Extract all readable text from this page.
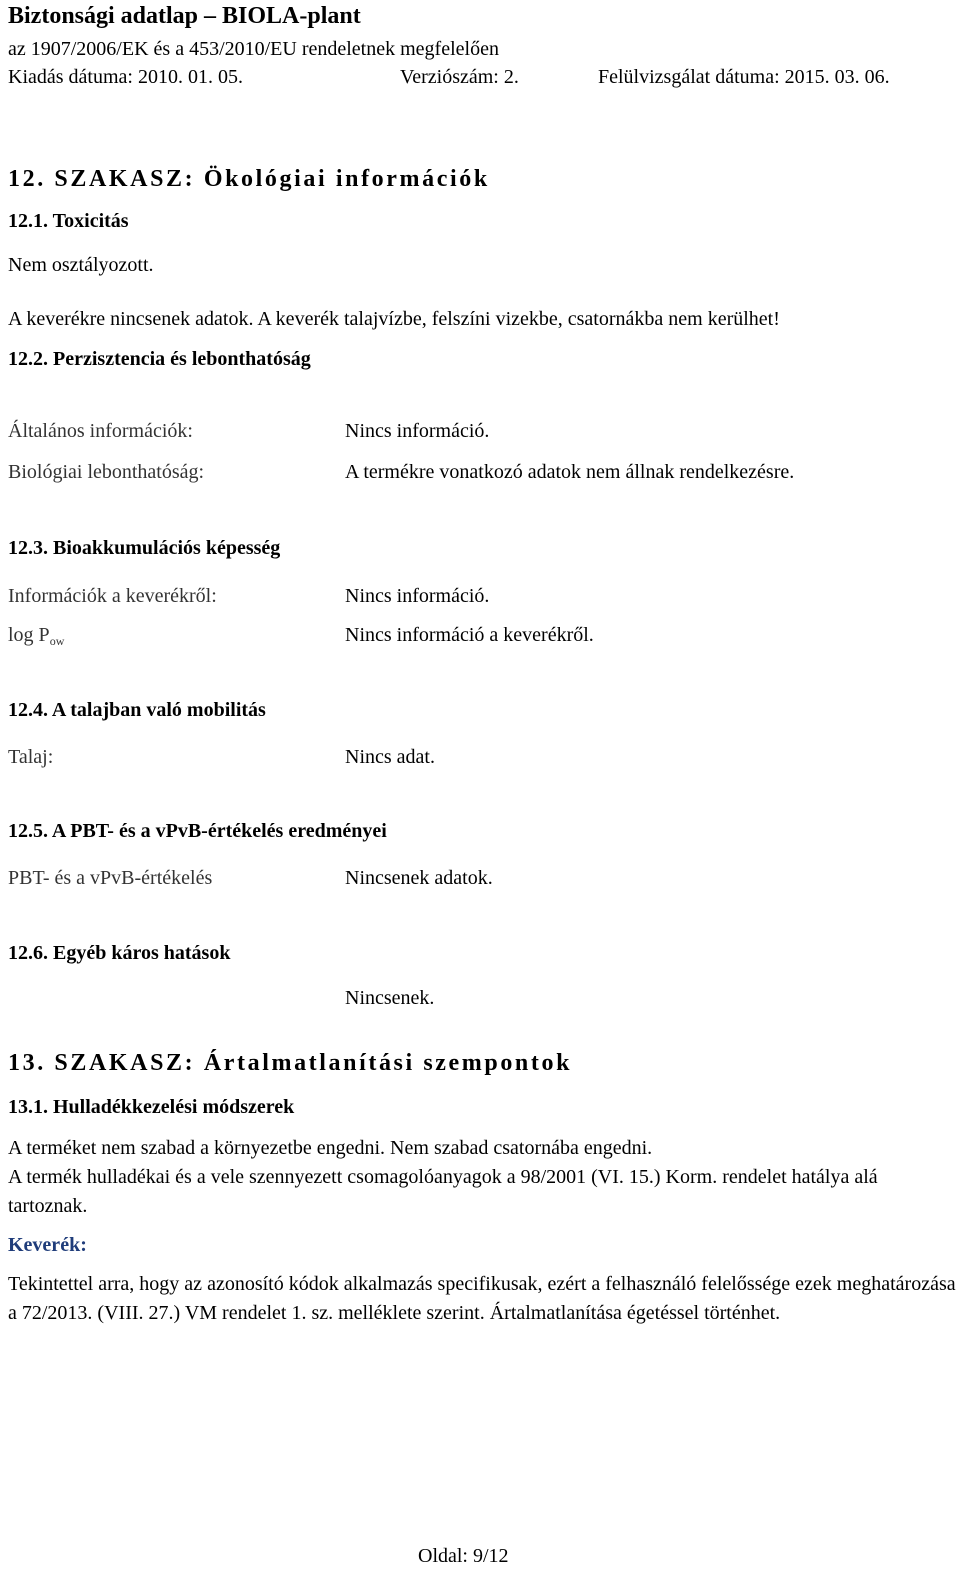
Biztonsági adatlap – BIOLA-plant
az 1907/2006/EK és a 453/2010/EU rendeletnek megfelelően
Kiadás dátuma: 2010. 01. 05.	Verziószám: 2.	Felülvizsgálat dátuma: 2015. 03. 06.
12. SZAKASZ: Ökológiai információk
12.1. Toxicitás
Nem osztályozott.
A keverékre nincsenek adatok. A keverék talajvízbe, felszíni vizekbe, csatornákba nem kerülhet!
12.2. Perzisztencia és lebonthatóság
Általános információk:	Nincs információ.
Biológiai lebonthatóság:	A termékre vonatkozó adatok nem állnak rendelkezésre.
12.3. Bioakkumulációs képesség
Információk a keverékről:	Nincs információ.
$\log P_{ow}$	Nincs információ a keverékről.
12.4. A talajban való mobilitás
Talaj:	Nincs adat.
12.5. A PBT- és a vPvB-értékelés eredményei
PBT- és a vPvB-értékelés	Nincsenek adatok.
12.6. Egyéb káros hatások
Nincsenek.
13. SZAKASZ: Ártalmatlanítási szempontok
13.1. Hulladékkezelési módszerek
A terméket nem szabad a környezetbe engedni. Nem szabad csatornába engedni.
A termék hulladékai és a vele szennyezett csomagolóanyagok a 98/2001 (VI. 15.) Korm. rendelet hatálya alá tartoznak.
Keverék:
Tekintettel arra, hogy az azonosító kódok alkalmazás specifikusak, ezért a felhasználó felelőssége ezek meghatározása a 72/2013. (VIII. 27.) VM rendelet 1. sz. melléklete szerint. Ártalmatlanítása égetéssel történhet.
Oldal: 9/12
